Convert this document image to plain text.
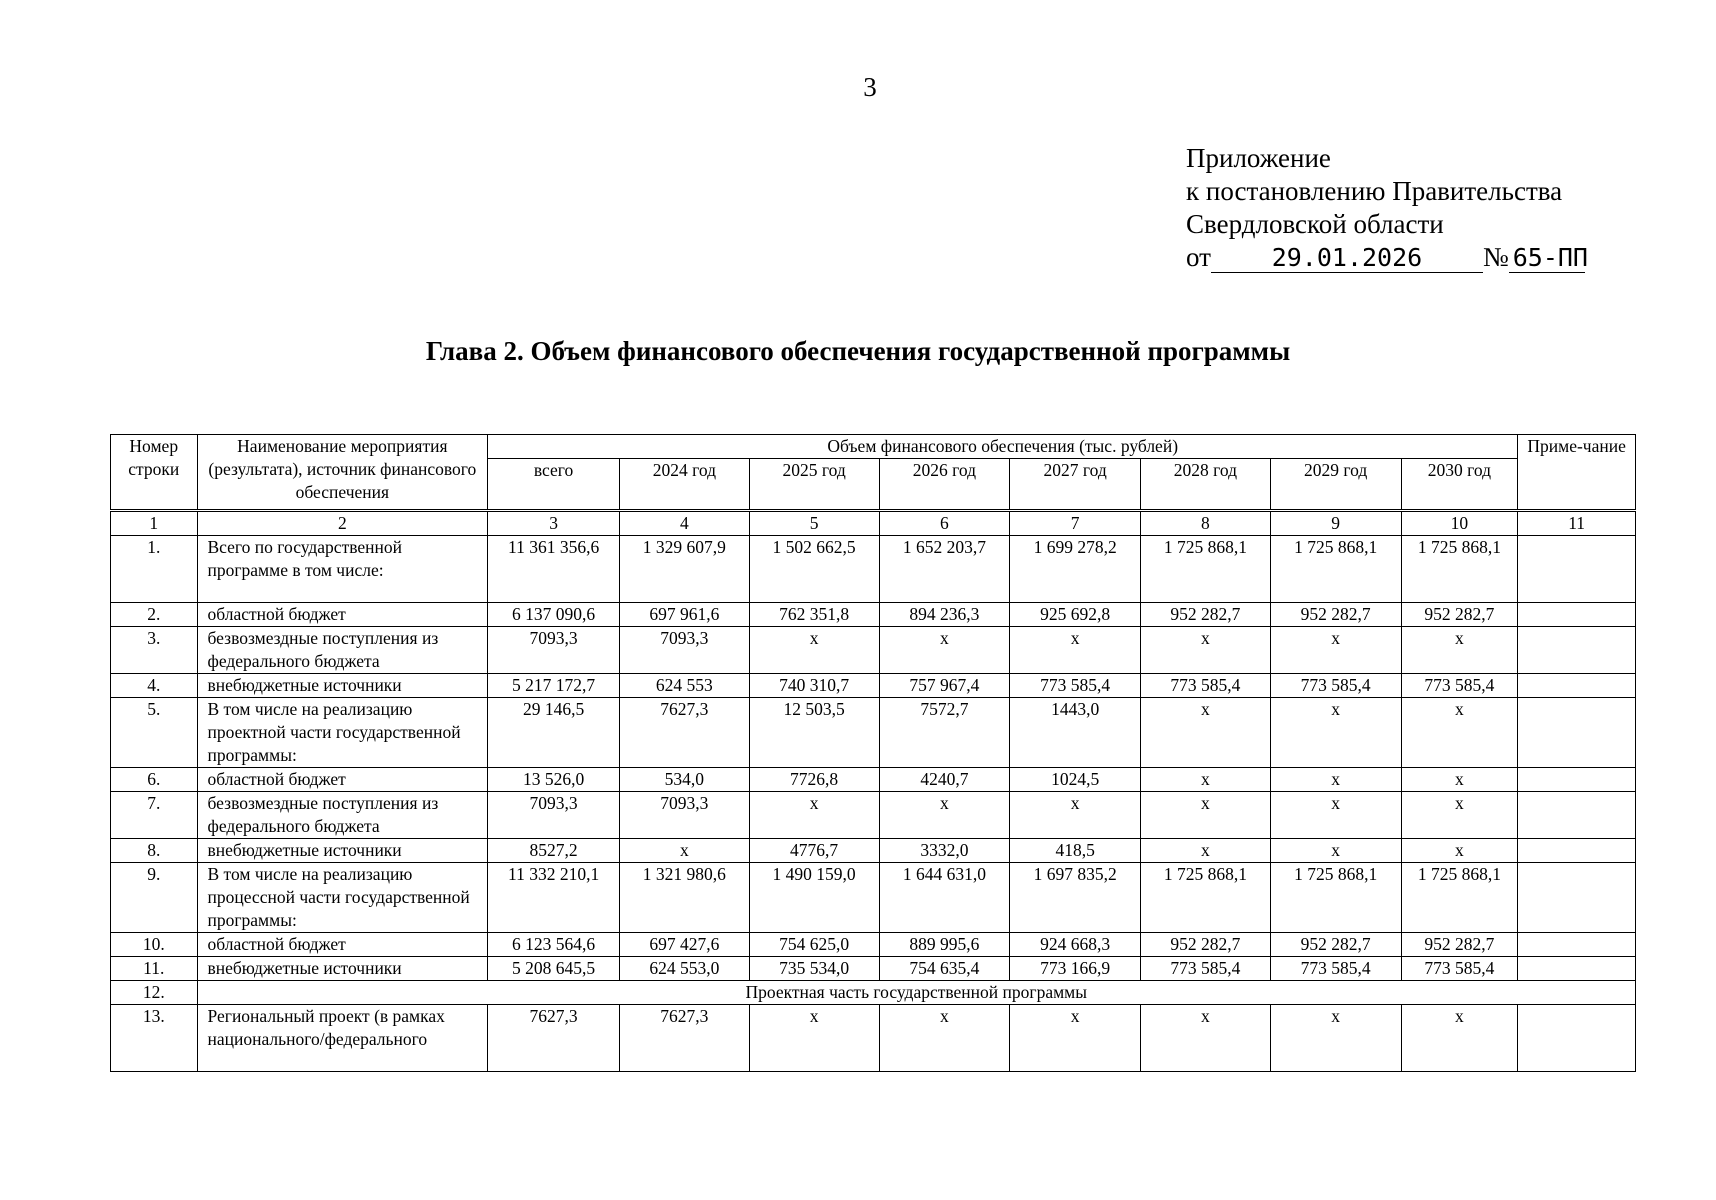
3
Приложение
к постановлению Правительства
Свердловской области
от 29.01.2026 № 65-ПП
Глава 2. Объем финансового обеспечения государственной программы
Номер строки	Наименование мероприятия (результата), источник финансового обеспечения	Объем финансового обеспечения (тыс. рублей)								Приме-чание
		всего	2024 год	2025 год	2026 год	2027 год	2028 год	2029 год	2030 год	
1	2	3	4	5	6	7	8	9	10	11
1.	Всего по государственной программе в том числе:	11 361 356,6	1 329 607,9	1 502 662,5	1 652 203,7	1 699 278,2	1 725 868,1	1 725 868,1	1 725 868,1	
2.	областной бюджет	6 137 090,6	697 961,6	762 351,8	894 236,3	925 692,8	952 282,7	952 282,7	952 282,7	
3.	безвозмездные поступления из федерального бюджета	7093,3	7093,3	x	x	x	x	x	x	
4.	внебюджетные источники	5 217 172,7	624 553	740 310,7	757 967,4	773 585,4	773 585,4	773 585,4	773 585,4	
5.	В том числе на реализацию проектной части государственной программы:	29 146,5	7627,3	12 503,5	7572,7	1443,0	x	x	x	
6.	областной бюджет	13 526,0	534,0	7726,8	4240,7	1024,5	x	x	x	
7.	безвозмездные поступления из федерального бюджета	7093,3	7093,3	x	x	x	x	x	x	
8.	внебюджетные источники	8527,2	x	4776,7	3332,0	418,5	x	x	x	
9.	В том числе на реализацию процессной части государственной программы:	11 332 210,1	1 321 980,6	1 490 159,0	1 644 631,0	1 697 835,2	1 725 868,1	1 725 868,1	1 725 868,1	
10.	областной бюджет	6 123 564,6	697 427,6	754 625,0	889 995,6	924 668,3	952 282,7	952 282,7	952 282,7	
11.	внебюджетные источники	5 208 645,5	624 553,0	735 534,0	754 635,4	773 166,9	773 585,4	773 585,4	773 585,4	
12.	Проектная часть государственной программы									
13.	Региональный проект (в рамках национального/федерального	7627,3	7627,3	x	x	x	x	x	x	
